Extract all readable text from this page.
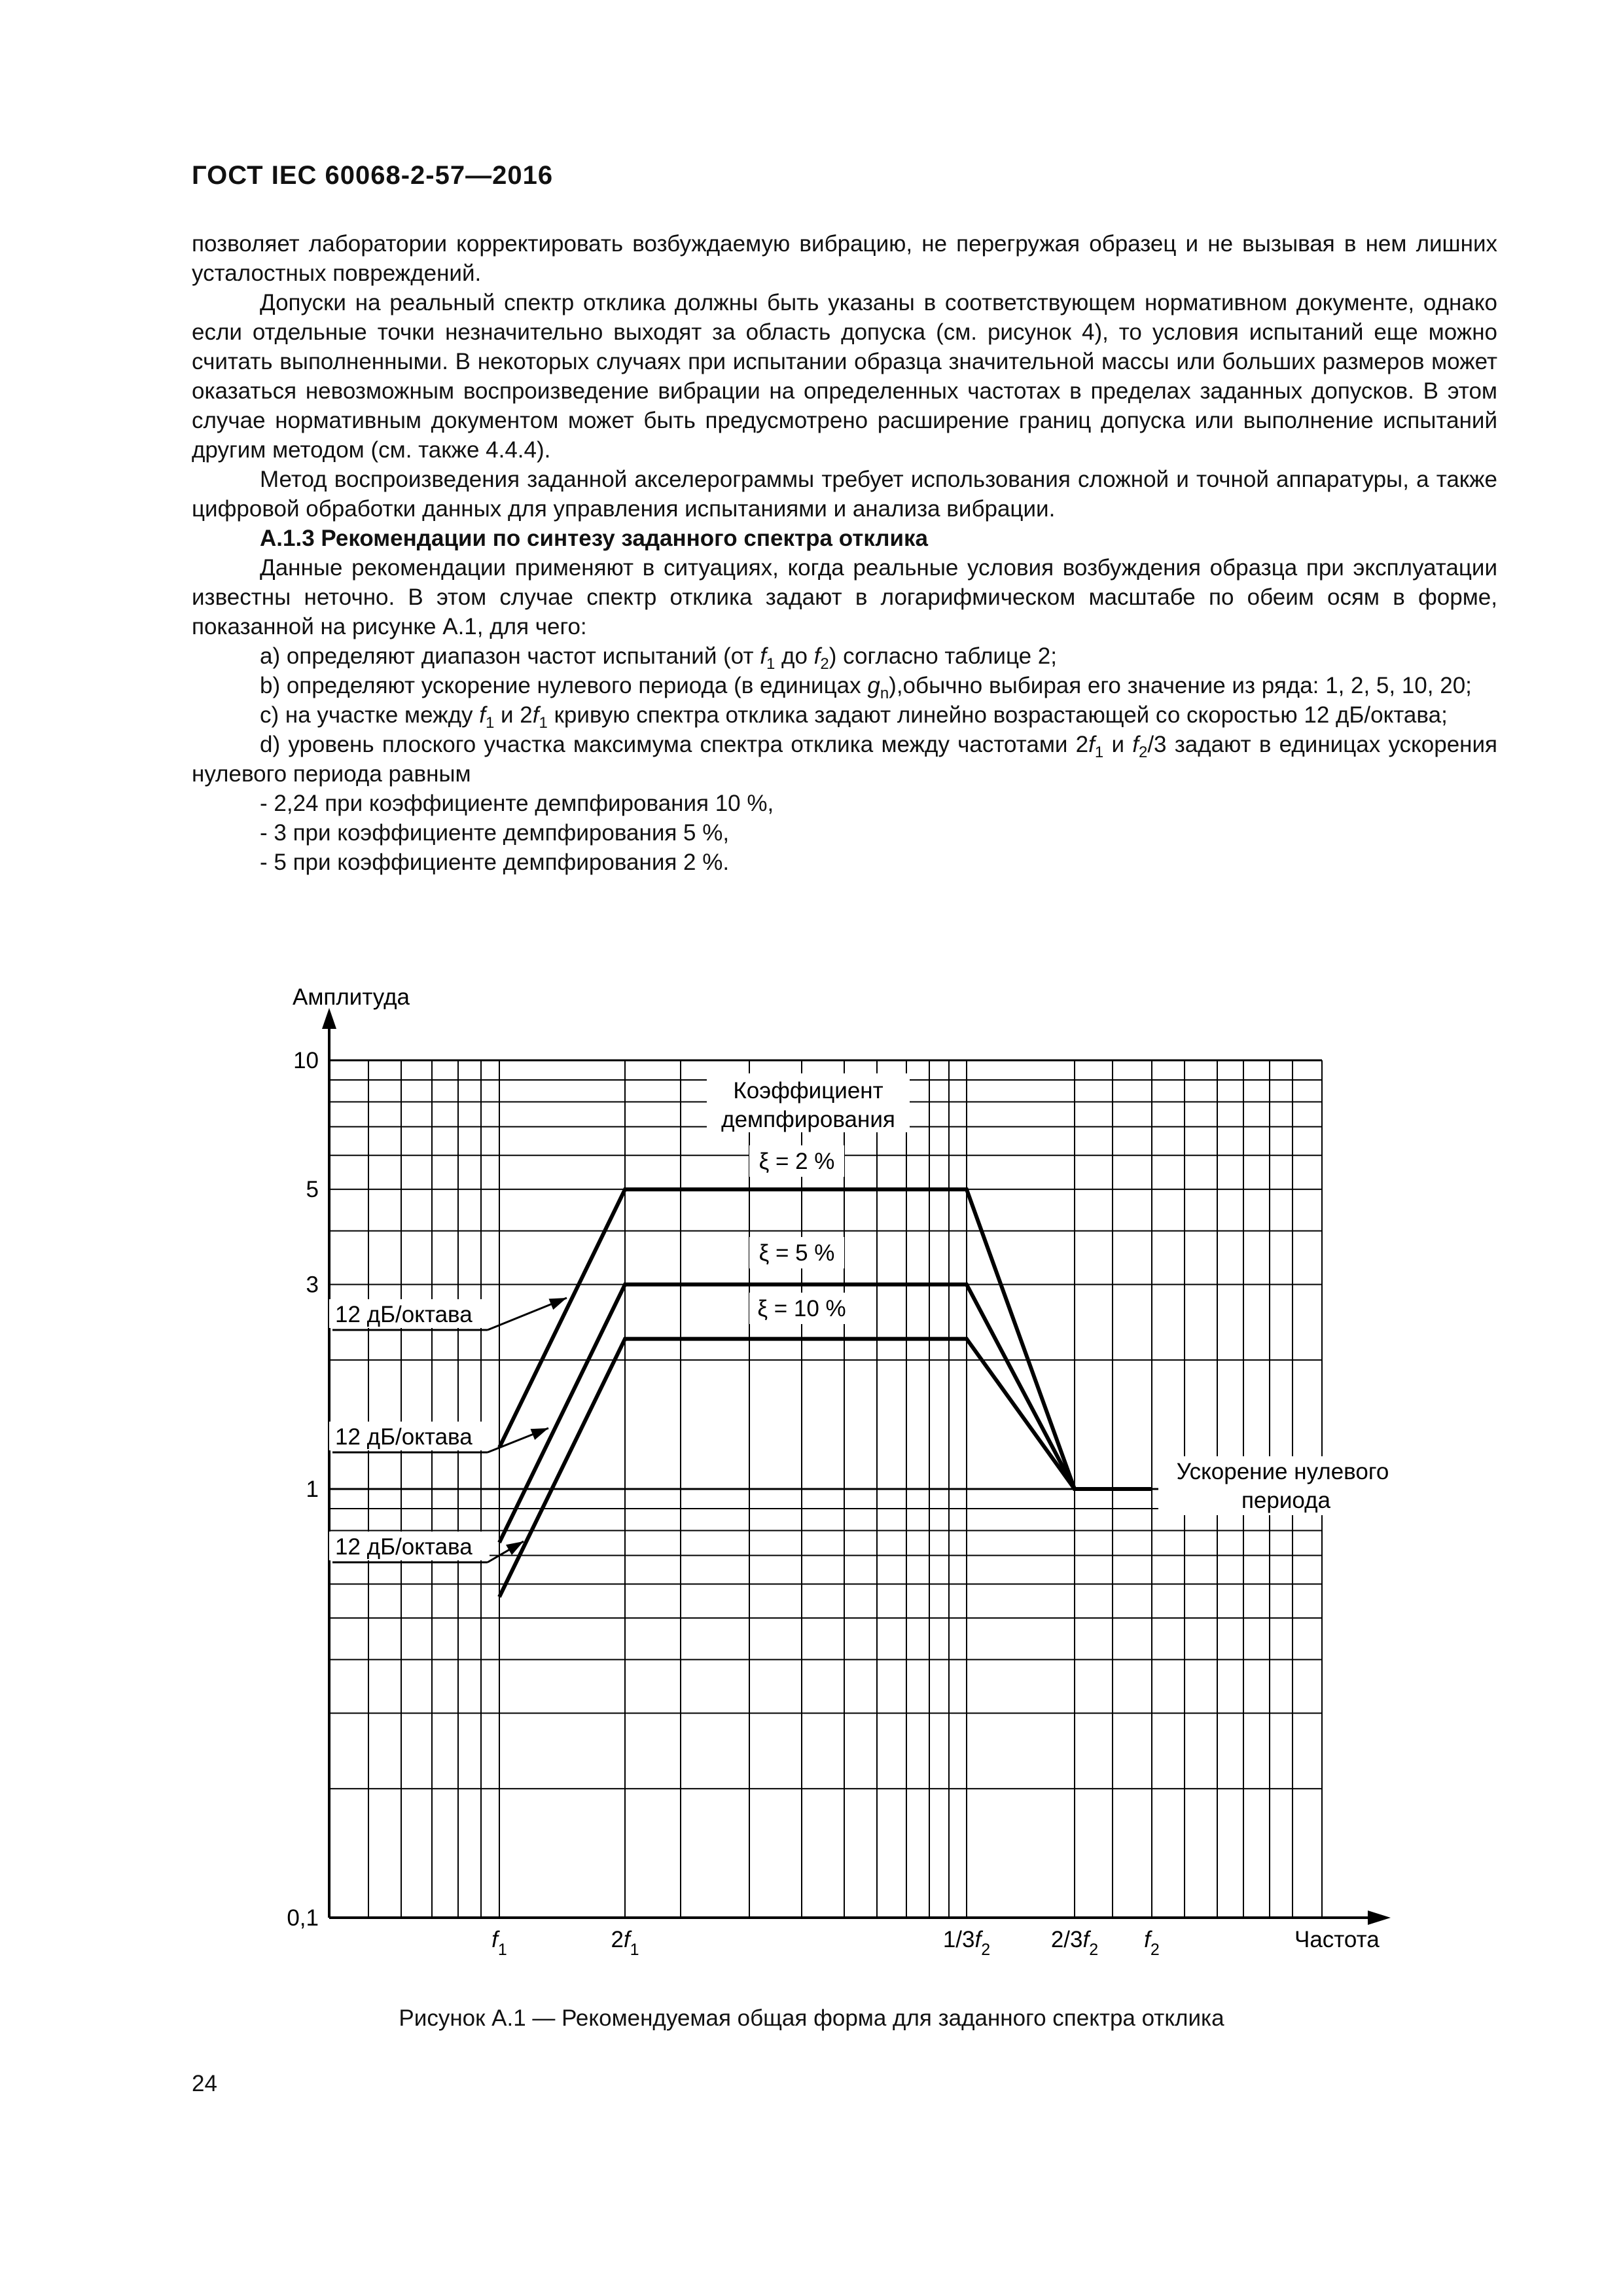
ГОСТ IEC 60068-2-57—2016

позволяет лаборатории корректировать возбуждаемую вибрацию, не перегружая образец и не вызывая в нем лишних усталостных повреждений.

Допуски на реальный спектр отклика должны быть указаны в соответствующем нормативном документе, однако если отдельные точки незначительно выходят за область допуска (см. рисунок 4), то условия испытаний еще можно считать выполненными. В некоторых случаях при испытании образца значительной массы или больших размеров может оказаться невозможным воспроизведение вибрации на определенных частотах в пределах заданных допусков. В этом случае нормативным документом может быть предусмотрено расширение границ допуска или выполнение испытаний другим методом (см. также 4.4.4).

Метод воспроизведения заданной акселерограммы требует использования сложной и точной аппаратуры, а также цифровой обработки данных для управления испытаниями и анализа вибрации.

А.1.3 Рекомендации по синтезу заданного спектра отклика

Данные рекомендации применяют в ситуациях, когда реальные условия возбуждения образца при эксплуатации известны неточно. В этом случае спектр отклика задают в логарифмическом масштабе по обеим осям в форме, показанной на рисунке А.1, для чего:

а) определяют диапазон частот испытаний (от $f_1$ до $f_2$) согласно таблице 2;

b) определяют ускорение нулевого периода (в единицах $g_n),обычно$ выбирая его значение из ряда: 1, 2, 5, 10, 20;

с) на участке между $f_1$ и $2f_1$ кривую спектра отклика задают линейно возрастающей со скоростью 12 дБ/октава;

d) уровень плоского участка максимума спектра отклика между частотами $2f_1$ и $f_2/3$ задают в единицах ускорения нулевого периода равным

- 2,24 при коэффициенте демпфирования 10 %,

- 3 при коэффициенте демпфирования 5 %,

- 5 при коэффициенте демпфирования 2 %.

10
5
3
1
0,1
Амплитуда
Частота
$f_1$	$2f_1$	$1/3f_2$	$2/3f_2$ $f_2$
Коэффициент
демпфирования
ξ = 2 %
ξ = 5 %
ξ = 10 %
12 дБ/октава
12 дБ/октава
12 дБ/октава
Ускорение нулевого
периода
Рисунок А.1 — Рекомендуемая общая форма для заданного спектра отклика
24
